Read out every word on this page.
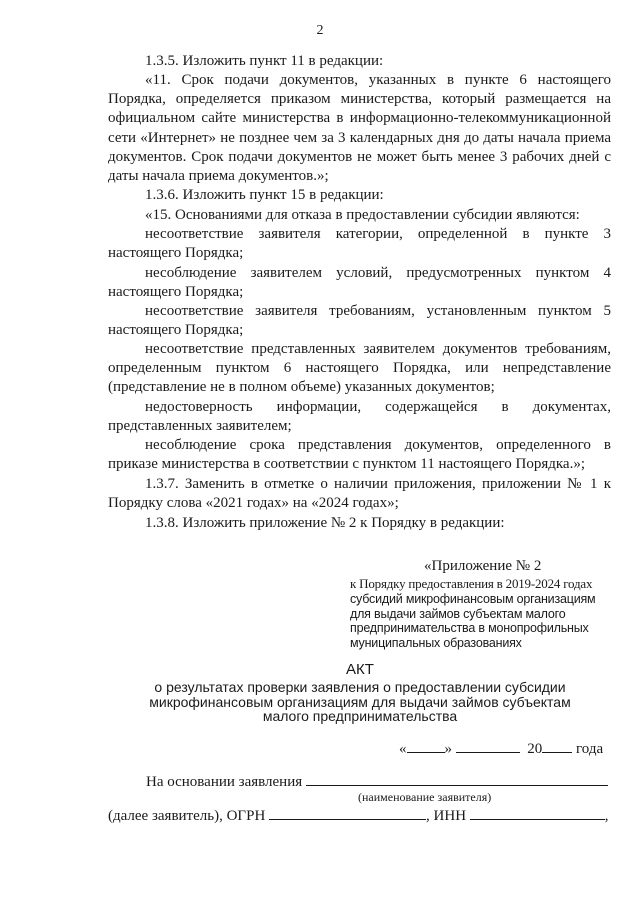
2
1.3.5. Изложить пункт 11 в редакции:
«11. Срок подачи документов, указанных в пункте 6 настоящего Порядка, определяется приказом министерства, который размещается на официальном сайте министерства в информационно-телекоммуникационной сети «Интернет» не позднее чем за 3 календарных дня до даты начала приема документов. Срок подачи документов не может быть менее 3 рабочих дней с даты начала приема документов.»;
1.3.6. Изложить пункт 15 в редакции:
«15. Основаниями для отказа в предоставлении субсидии являются:
несоответствие заявителя категории, определенной в пункте 3 настоящего Порядка;
несоблюдение заявителем условий, предусмотренных пунктом 4 настоящего Порядка;
несоответствие заявителя требованиям, установленным пунктом 5 настоящего Порядка;
несоответствие представленных заявителем документов требованиям, определенным пунктом 6 настоящего Порядка, или непредставление (представление не в полном объеме) указанных документов;
недостоверность информации, содержащейся в документах, представленных заявителем;
несоблюдение срока представления документов, определенного в приказе министерства в соответствии с пунктом 11 настоящего Порядка.»;
1.3.7. Заменить в отметке о наличии приложения, приложении № 1 к Порядку слова «2021 годах» на «2024 годах»;
1.3.8. Изложить приложение № 2 к Порядку в редакции:
«Приложение № 2
к Порядку предоставления в 2019-2024 годах
субсидий микрофинансовым организациям для выдачи займов субъектам малого предпринимательства в монопрофильных муниципальных образованиях
АКТ
о результатах проверки заявления о предоставлении субсидии микрофинансовым организациям для выдачи займов субъектам малого предпринимательства
«	»	20 года
На основании заявления
(наименование заявителя)
(далее заявитель), ОГРН	, ИНН	,
